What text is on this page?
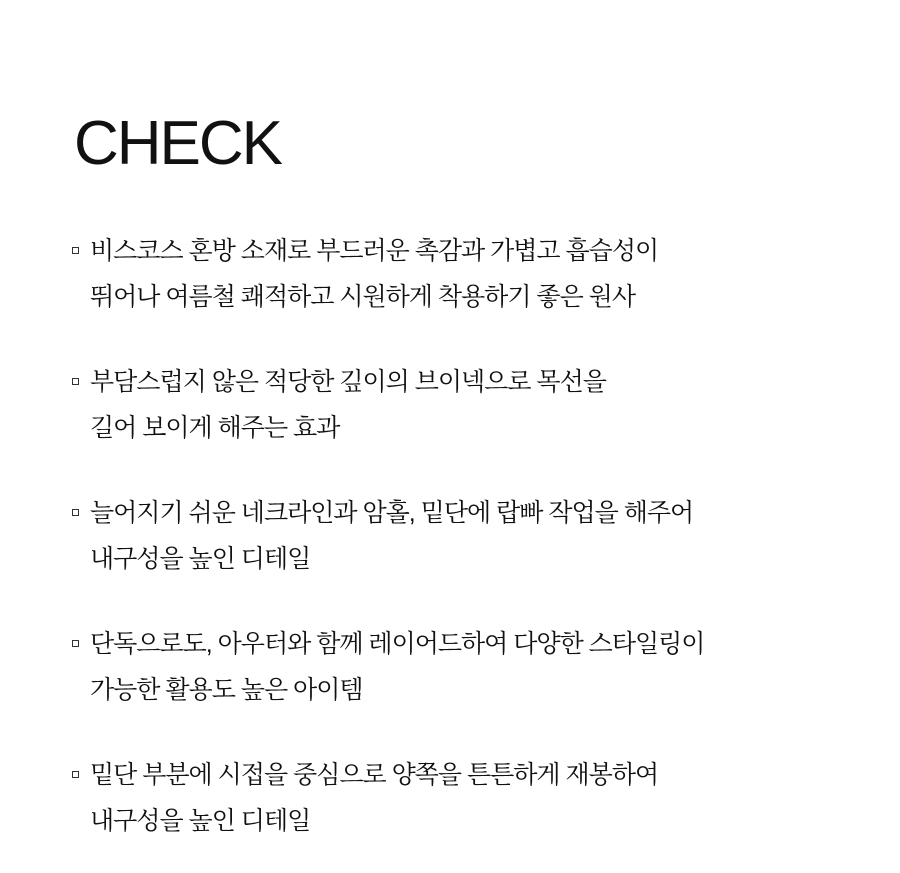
CHECK
비스코스 혼방 소재로 부드러운 촉감과 가볍고 흡습성이
뛰어나 여름철 쾌적하고 시원하게 착용하기 좋은 원사
부담스럽지 않은 적당한 깊이의 브이넥으로 목선을
길어 보이게 해주는 효과
늘어지기 쉬운 네크라인과 암홀, 밑단에 랍빠 작업을 해주어
내구성을 높인 디테일
단독으로도, 아우터와 함께 레이어드하여 다양한 스타일링이
가능한 활용도 높은 아이템
밑단 부분에 시접을 중심으로 양쪽을 튼튼하게 재봉하여
내구성을 높인 디테일
